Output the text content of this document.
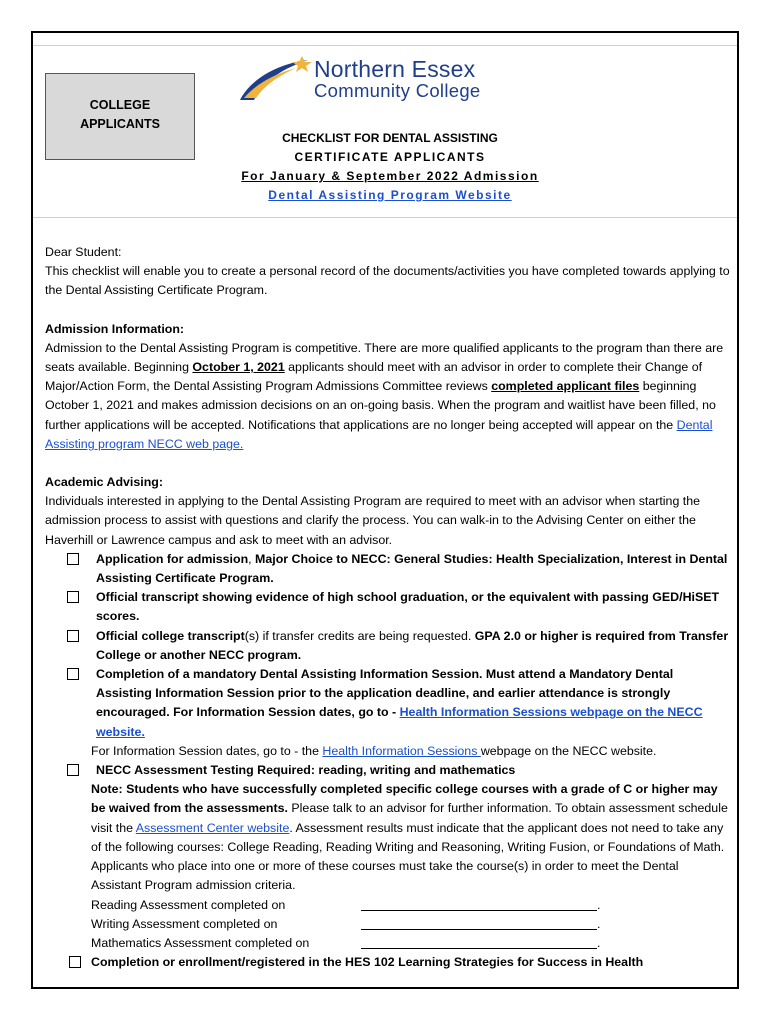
COLLEGE
APPLICANTS
Northern Essex
Community College
CHECKLIST FOR DENTAL ASSISTING
CERTIFICATE APPLICANTS
For January & September 2022 Admission
Dental Assisting Program Website

Dear Student:

This checklist will enable you to create a personal record of the documents/activities you have completed towards applying to the Dental Assisting Certificate Program.

Admission Information:

Admission to the Dental Assisting Program is competitive. There are more qualified applicants to the program than there are seats available. Beginning October 1, 2021 applicants should meet with an advisor in order to complete their Change of Major/Action Form, the Dental Assisting Program Admissions Committee reviews completed applicant files beginning October 1, 2021 and makes admission decisions on an on-going basis. When the program and waitlist have been filled, no further applications will be accepted. Notifications that applications are no longer being accepted will appear on the Dental Assisting program NECC web page.

Academic Advising:

Individuals interested in applying to the Dental Assisting Program are required to meet with an advisor when starting the admission process to assist with questions and clarify the process. You can walk-in to the Advising Center on either the Haverhill or Lawrence campus and ask to meet with an advisor.

Application for admission, Major Choice to NECC: General Studies: Health Specialization, Interest in Dental Assisting Certificate Program.
Official transcript showing evidence of high school graduation, or the equivalent with passing GED/HiSET scores.
Official college transcript(s) if transfer credits are being requested. GPA 2.0 or higher is required from Transfer College or another NECC program.
Completion of a mandatory Dental Assisting Information Session. Must attend a Mandatory Dental Assisting Information Session prior to the application deadline, and earlier attendance is strongly encouraged. For Information Session dates, go to - Health Information Sessions webpage on the NECC website.

For Information Session dates, go to - the Health Information Sessions webpage on the NECC website.

NECC Assessment Testing Required: reading, writing and mathematics

Note: Students who have successfully completed specific college courses with a grade of C or higher may be waived from the assessments. Please talk to an advisor for further information. To obtain assessment schedule visit the Assessment Center website. Assessment results must indicate that the applicant does not need to take any of the following courses: College Reading, Reading Writing and Reasoning, Writing Fusion, or Foundations of Math. Applicants who place into one or more of these courses must take the course(s) in order to meet the Dental Assistant Program admission criteria.

Reading Assessment completed on	.
Writing Assessment completed on	.
Mathematics Assessment completed on	.
Completion or enrollment/registered in the HES 102 Learning Strategies for Success in Health
